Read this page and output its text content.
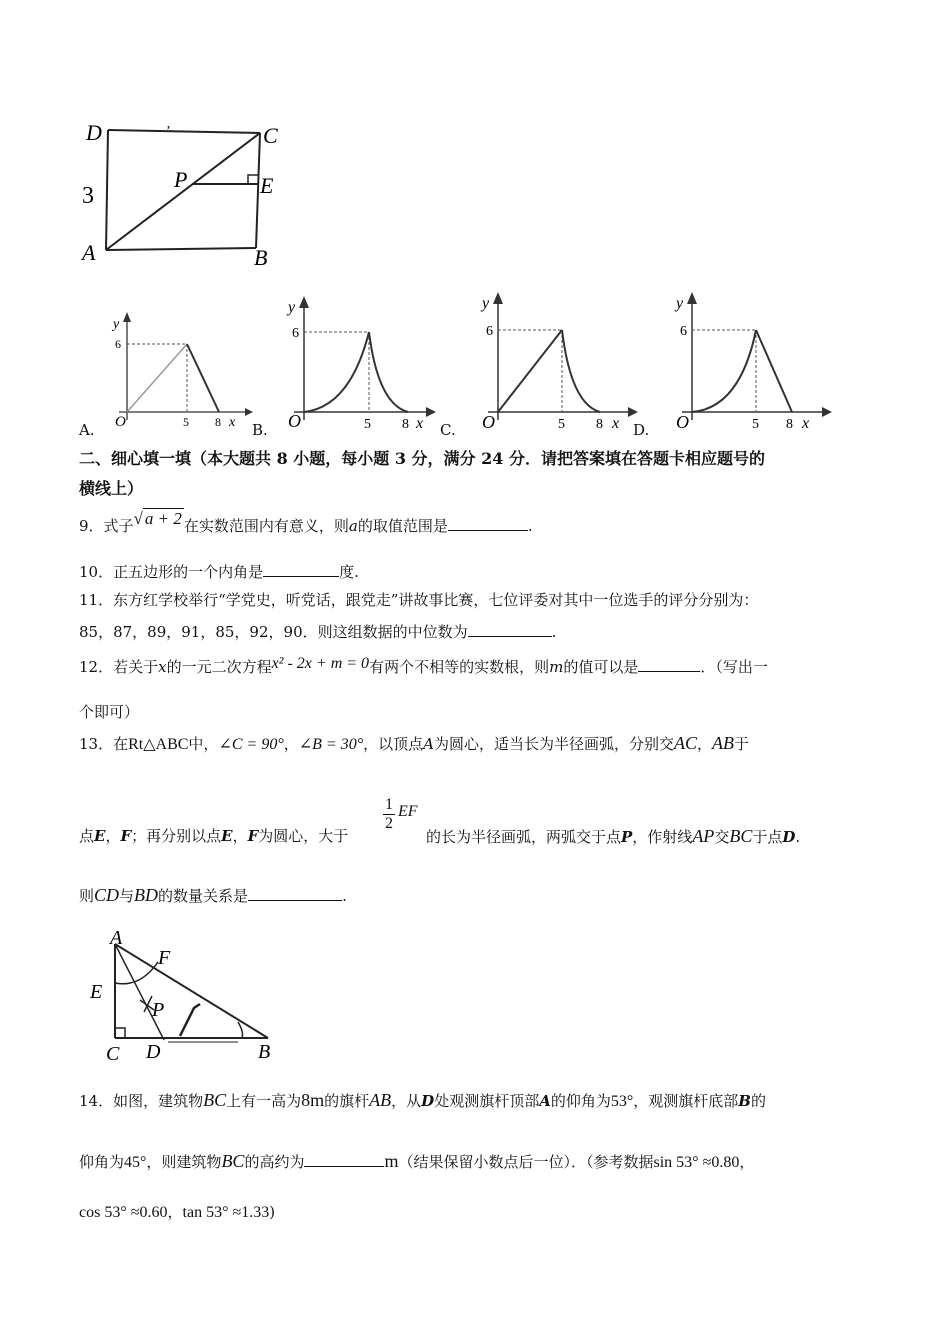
D	C
P	E
3
A	B
ʼ
A.
y
6
O	5 8 x B.
y
6
O	5 8 x C.
y
6
O	5 8 x D.
y
6
O	5 8 x
二、细心填一填（本大题共 8 小题，每小题 3 分，满分 24 分．请把答案填在答题卡相应题号的
横线上）
9．式子√ a + 2 在实数范围内有意义，则a的取值范围是	.
10．正五边形的一个内角是	度.
11．东方红学校举行“学党史，听党话，跟党走”讲故事比赛，七位评委对其中一位选手的评分分别为：
85，87，89，91，85，92，90．则这组数据的中位数为	.
12．若关于x的一元二次方程x² - 2x + m = 0有两个不相等的实数根，则m的值可以是	．（写出一
个即可）
13．在Rt△ABC中，∠C = 90°，∠B = 30°，以顶点A为圆心，适当长为半径画弧，分别交AC，AB于
$\frac{1}{2}$ EF
点E，F；再分别以点E，F为圆心，大于	的长为半径画弧，两弧交于点P，作射线AP交BC于点D.
则CD与BD的数量关系是	.
A
F
E
P
C D	B
14．如图，建筑物BC上有一高为8m的旗杆AB，从D处观测旗杆顶部A的仰角为53°，观测旗杆底部B的
仰角为45°，则建筑物BC的高约为	m（结果保留小数点后一位）．（参考数据sin 53° ≈0.80，
cos 53° ≈0.60，tan 53° ≈1.33)
